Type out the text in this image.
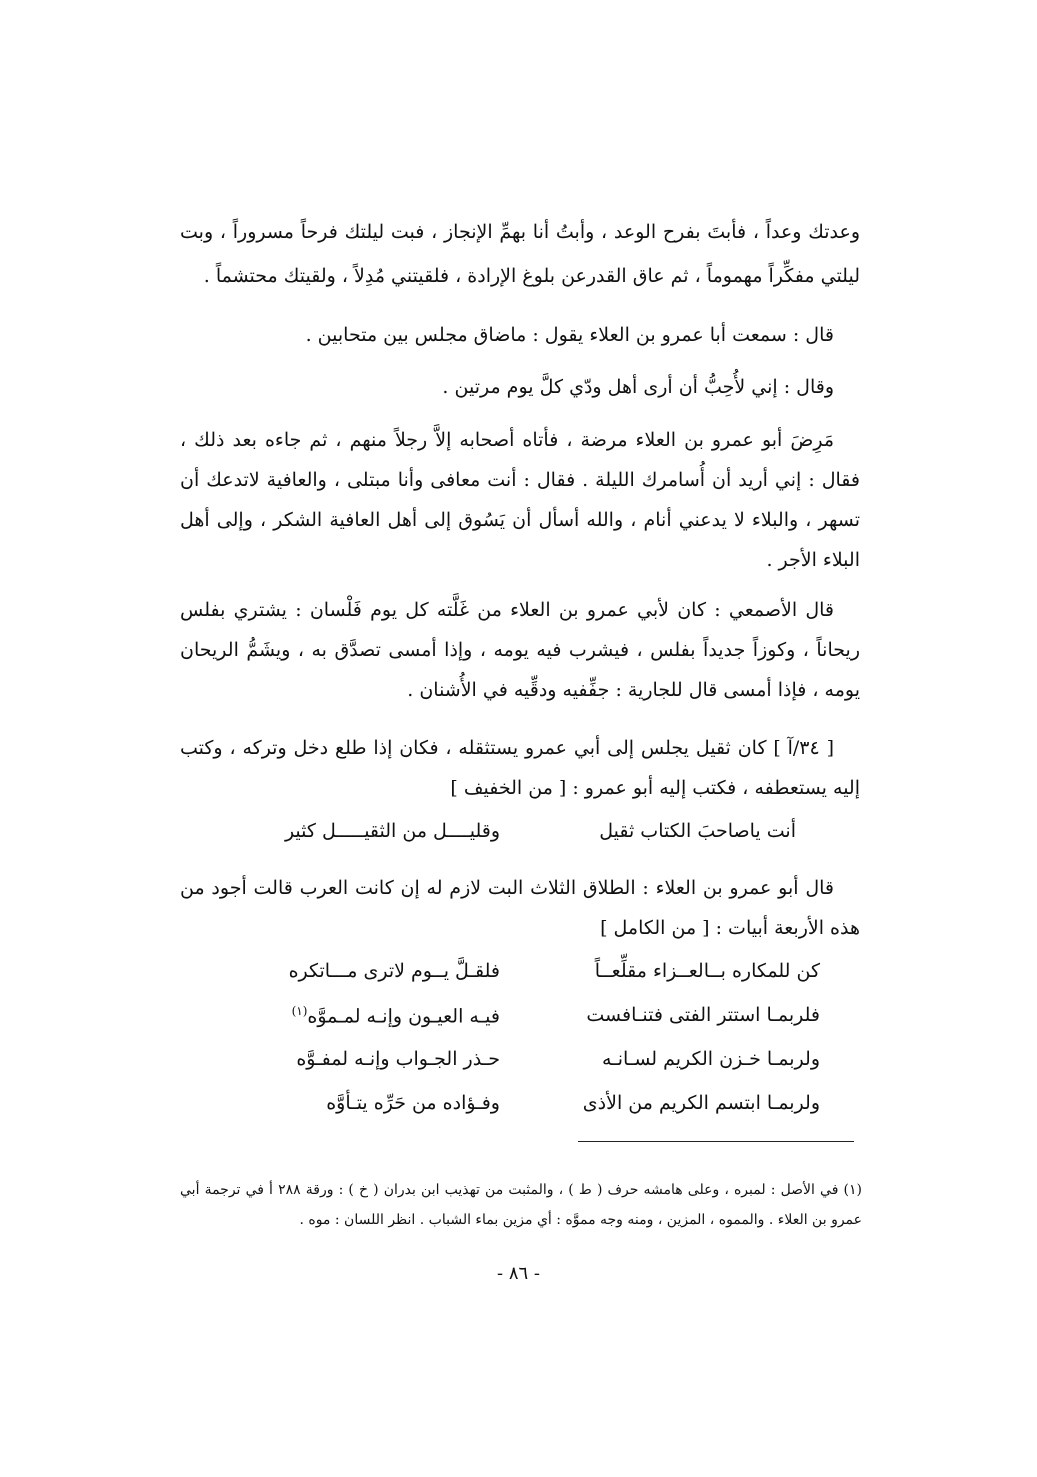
وعدتك وعداً ، فأبتَ بفرح الوعد ، وأبتُ أنا بهمِّ الإنجاز ، فبت ليلتك فرحاً مسروراً ، وبت ليلتي مفكِّراً مهموماً ، ثم عاق القدرعن بلوغ الإرادة ، فلقيتني مُدِلاً ، ولقيتك محتشماً .

قال : سمعت أبا عمرو بن العلاء يقول : ماضاق مجلس بين متحابين .

وقال : إني لأُحِبُّ أن أرى أهل ودّي كلَّ يوم مرتين .

مَرِضَ أبو عمرو بن العلاء مرضة ، فأتاه أصحابه إلاَّ رجلاً منهم ، ثم جاءه بعد ذلك ، فقال : إني أريد أن أُسامرك الليلة . فقال : أنت معافى وأنا مبتلى ، والعافية لاتدعك أن تسهر ، والبلاء لا يدعني أنام ، والله أسأل أن يَسُوق إلى أهل العافية الشكر ، وإلى أهل البلاء الأجر .

قال الأصمعي : كان لأبي عمرو بن العلاء من غَلَّته كل يوم فَلْسان : يشتري بفلس ريحاناً ، وكوزاً جديداً بفلس ، فيشرب فيه يومه ، وإذا أمسى تصدَّق به ، ويشَمُّ الريحان يومه ، فإذا أمسى قال للجارية : جفِّفيه ودقِّيه في الأُشنان .

[ ٣٤/آ ] كان ثقيل يجلس إلى أبي عمرو يستثقله ، فكان إذا طلع دخل وتركه ، وكتب إليه يستعطفه ، فكتب إليه أبو عمرو : [ من الخفيف ]

أنت ياصاحبَ الكتاب ثقيل
وقليــــل من الثقيـــــل كثير

قال أبو عمرو بن العلاء : الطلاق الثلاث البت لازم له إن كانت العرب قالت أجود من هذه الأربعة أبيات : [ من الكامل ]

كن للمكاره بــالعــزاء مقلِّعــاً
فلقـلَّ يــوم لاترى مـــاتكره
فلربمـا استتر الفتى فتنـافست
فيـه العيـون وإنـه لمـموَّه$^{(١)}$
ولربمـا خـزن الكريم لسـانـه
حـذر الجـواب وإنـه لمفـوَّه
ولربمـا ابتسم الكريم من الأذى
وفـؤاده من حَرِّه يتـأوَّه
(١) في الأصل : لمبره ، وعلى هامشه حرف ( ط ) ، والمثبت من تهذيب ابن بدران ( خ ) : ورقة ٢٨٨ أ في ترجمة أبي عمرو بن العلاء . والمموه ، المزين ، ومنه وجه مموَّه : أي مزين بماء الشباب . انظر اللسان : موه .
- ٨٦ -
